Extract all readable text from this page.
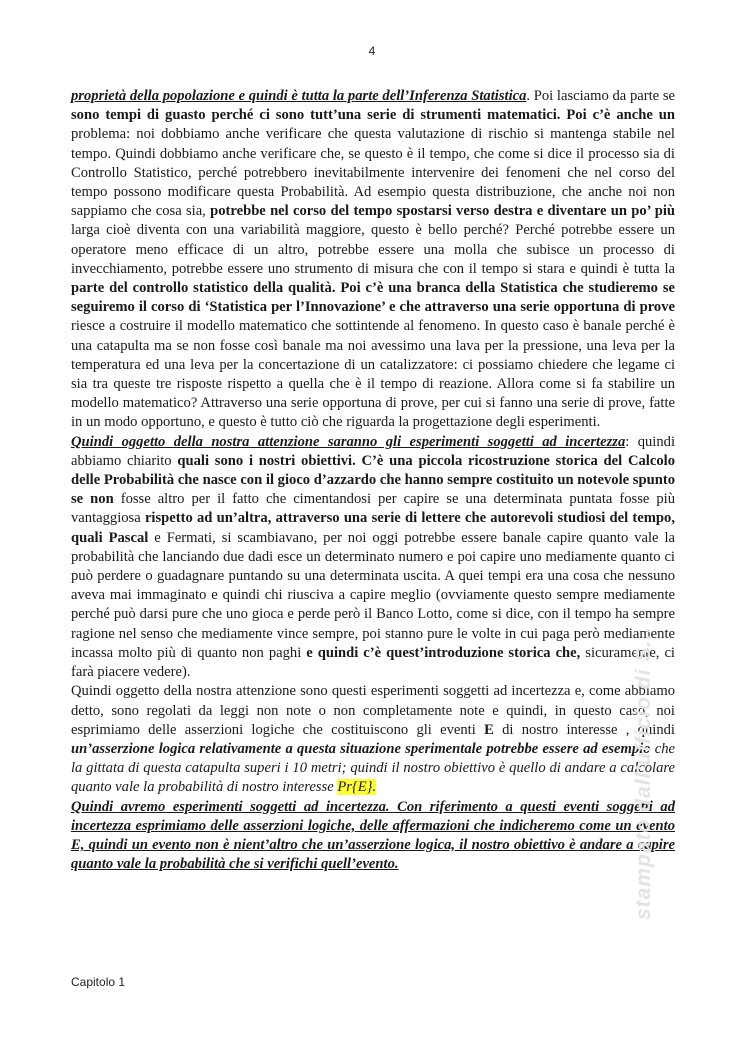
4

proprietà della popolazione e quindi è tutta la parte dell’Inferenza Statistica. Poi lasciamo da parte se sono tempi di guasto perché ci sono tutt’una serie di strumenti matematici. Poi c’è anche un problema: noi dobbiamo anche verificare che questa valutazione di rischio si mantenga stabile nel tempo. Quindi dobbiamo anche verificare che, se questo è il tempo, che come si dice il processo sia di Controllo Statistico, perché potrebbero inevitabilmente intervenire dei fenomeni che nel corso del tempo possono modificare questa Probabilità. Ad esempio questa distribuzione, che anche noi non sappiamo che cosa sia, potrebbe nel corso del tempo spostarsi verso destra e diventare un po’ più larga cioè diventa con una variabilità maggiore, questo è bello perché? Perché potrebbe essere un operatore meno efficace di un altro, potrebbe essere una molla che subisce un processo di invecchiamento, potrebbe essere uno strumento di misura che con il tempo si stara e quindi è tutta la parte del controllo statistico della qualità. Poi c’è una branca della Statistica che studieremo se seguiremo il corso di ‘Statistica per l’Innovazione’ e che attraverso una serie opportuna di prove riesce a costruire il modello matematico che sottintende al fenomeno. In questo caso è banale perché è una catapulta ma se non fosse così banale ma noi avessimo una lava per la pressione, una leva per la temperatura ed una leva per la concertazione di un catalizzatore: ci possiamo chiedere che legame ci sia tra queste tre risposte rispetto a quella che è il tempo di reazione. Allora come si fa stabilire un modello matematico? Attraverso una serie opportuna di prove, per cui si fanno una serie di prove, fatte in un modo opportuno, e questo è tutto ciò che riguarda la progettazione degli esperimenti.

Quindi oggetto della nostra attenzione saranno gli esperimenti soggetti ad incertezza: quindi abbiamo chiarito quali sono i nostri obiettivi. C’è una piccola ricostruzione storica del Calcolo delle Probabilità che nasce con il gioco d’azzardo che hanno sempre costituito un notevole spunto se non fosse altro per il fatto che cimentandosi per capire se una determinata puntata fosse più vantaggiosa rispetto ad un’altra, attraverso una serie di lettere che autorevoli studiosi del tempo, quali Pascal e Fermati, si scambiavano, per noi oggi potrebbe essere banale capire quanto vale la probabilità che lanciando due dadi esce un determinato numero e poi capire uno mediamente quanto ci può perdere o guadagnare puntando su una determinata uscita. A quei tempi era una cosa che nessuno aveva mai immaginato e quindi chi riusciva a capire meglio (ovviamente questo sempre mediamente perché può darsi pure che uno gioca e perde però il Banco Lotto, come si dice, con il tempo ha sempre ragione nel senso che mediamente vince sempre, poi stanno pure le volte in cui paga però mediamente incassa molto più di quanto non paghi e quindi c’è quest’introduzione storica che, sicuramente, ci farà piacere vedere).

Quindi oggetto della nostra attenzione sono questi esperimenti soggetti ad incertezza e, come abbiamo detto, sono regolati da leggi non note o non completamente note e quindi, in questo caso, noi esprimiamo delle asserzioni logiche che costituiscono gli eventi E di nostro interesse , quindi un’asserzione logica relativamente a questa situazione sperimentale potrebbe essere ad esempio che la gittata di questa catapulta superi i 10 metri; quindi il nostro obiettivo è quello di andare a calcolare quanto vale la probabilità di nostro interesse Pr{E}.

Quindi avremo esperimenti soggetti ad incertezza. Con riferimento a questi eventi soggetti ad incertezza esprimiamo delle asserzioni logiche, delle affermazioni che indicheremo come un evento E, quindi un evento non è nient’altro che un’asserzione logica, il nostro obiettivo è andare a capire quanto vale la probabilità che si verifichi quell’evento.	stampato dall'ufficio di S...
Capitolo 1
